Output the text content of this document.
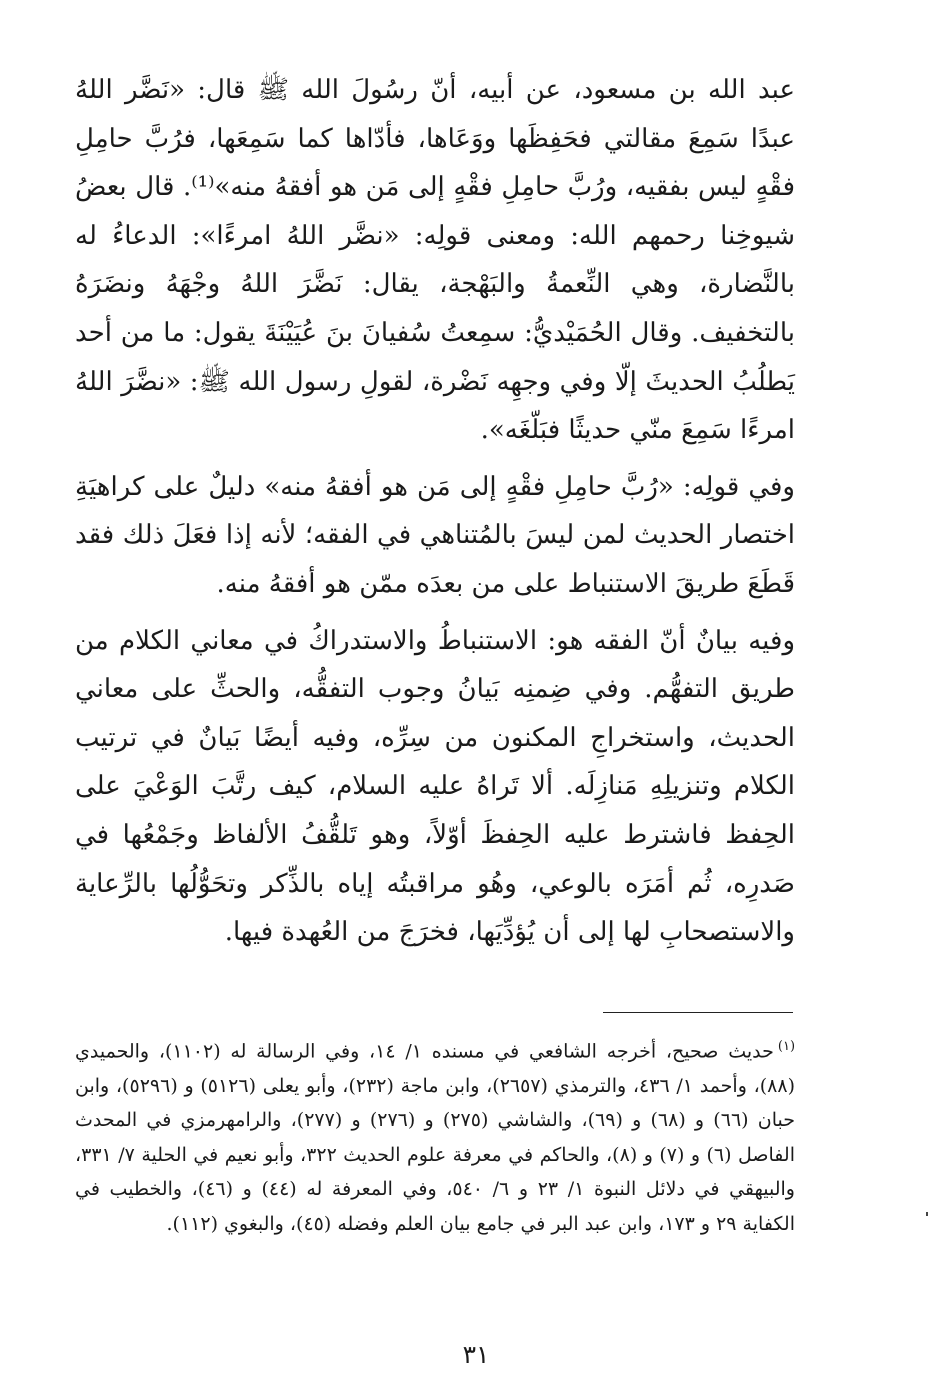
عبد الله بن مسعود، عن أبيه، أنّ رسُولَ الله ﷺ قال: «نَضَّر اللهُ عبدًا سَمِعَ مقالتي فحَفِظَها ووَعَاها، فأدّاها كما سَمِعَها، فرُبَّ حامِلِ فقْهٍ ليس بفقيه، ورُبَّ حامِلِ فقْهٍ إلى مَن هو أفقهُ منه»⁽¹⁾. قال بعضُ شيوخِنا رحمهم الله: ومعنى قولِه: «نضَّر اللهُ امرءًا»: الدعاءُ له بالنَّضارة، وهي النِّعمةُ والبَهْجة، يقال: نَضَّرَ اللهُ وجْهَهُ ونضَرَهُ بالتخفيف. وقال الحُمَيْديُّ: سمِعتُ سُفيانَ بنَ عُيَيْنَةَ يقول: ما من أحد يَطلُبُ الحديثَ إلّا وفي وجهِه نَضْرة، لقولِ رسول الله ﷺ: «نضَّرَ اللهُ امرءًا سَمِعَ منّي حديثًا فبَلّغَه».

وفي قولِه: «رُبَّ حامِلِ فقْهٍ إلى مَن هو أفقهُ منه» دليلٌ على كراهيَةِ اختصار الحديث لمن ليسَ بالمُتناهي في الفقه؛ لأنه إذا فعَلَ ذلك فقد قَطَعَ طريقَ الاستنباط على من بعدَه ممّن هو أفقهُ منه.

وفيه بيانٌ أنّ الفقه هو: الاستنباطُ والاستدراكُ في معاني الكلام من طريق التفهُّم. وفي ضِمنِه بَيانُ وجوب التفقُّه، والحثِّ على معاني الحديث، واستخراجِ المكنون من سِرِّه، وفيه أيضًا بَيانٌ في ترتيب الكلام وتنزيلِهِ مَنازِلَه. ألا تَراهُ عليه السلام، كيف رتَّبَ الوَعْيَ على الحِفظ فاشترط عليه الحِفظَ أوّلاً، وهو تَلقُّفُ الألفاظ وجَمْعُها في صَدرِه، ثُم أمَرَه بالوعي، وهُو مراقبتُه إياه بالذِّكر وتحَوُّلُها بالرِّعاية والاستصحابِ لها إلى أن يُؤدِّيَها، فخرَجَ من العُهدة فيها.

$^{(١)}$حديث صحيح، أخرجه الشافعي في مسنده ١/ ١٤، وفي الرسالة له (١١٠٢)، والحميدي (٨٨)، وأحمد ١/ ٤٣٦، والترمذي (٢٦٥٧)، وابن ماجة (٢٣٢)، وأبو يعلى (٥١٢٦) و (٥٢٩٦)، وابن حبان (٦٦) و (٦٨) و (٦٩)، والشاشي (٢٧٥) و (٢٧٦) و (٢٧٧)، والرامهرمزي في المحدث الفاصل (٦) و (٧) و (٨)، والحاكم في معرفة علوم الحديث ٣٢٢، وأبو نعيم في الحلية ٧/ ٣٣١، والبيهقي في دلائل النبوة ١/ ٢٣ و ٦/ ٥٤٠، وفي المعرفة له (٤٤) و (٤٦)، والخطيب في الكفاية ٢٩ و ١٧٣، وابن عبد البر في جامع بيان العلم وفضله (٤٥)، والبغوي (١١٢).

٣١
